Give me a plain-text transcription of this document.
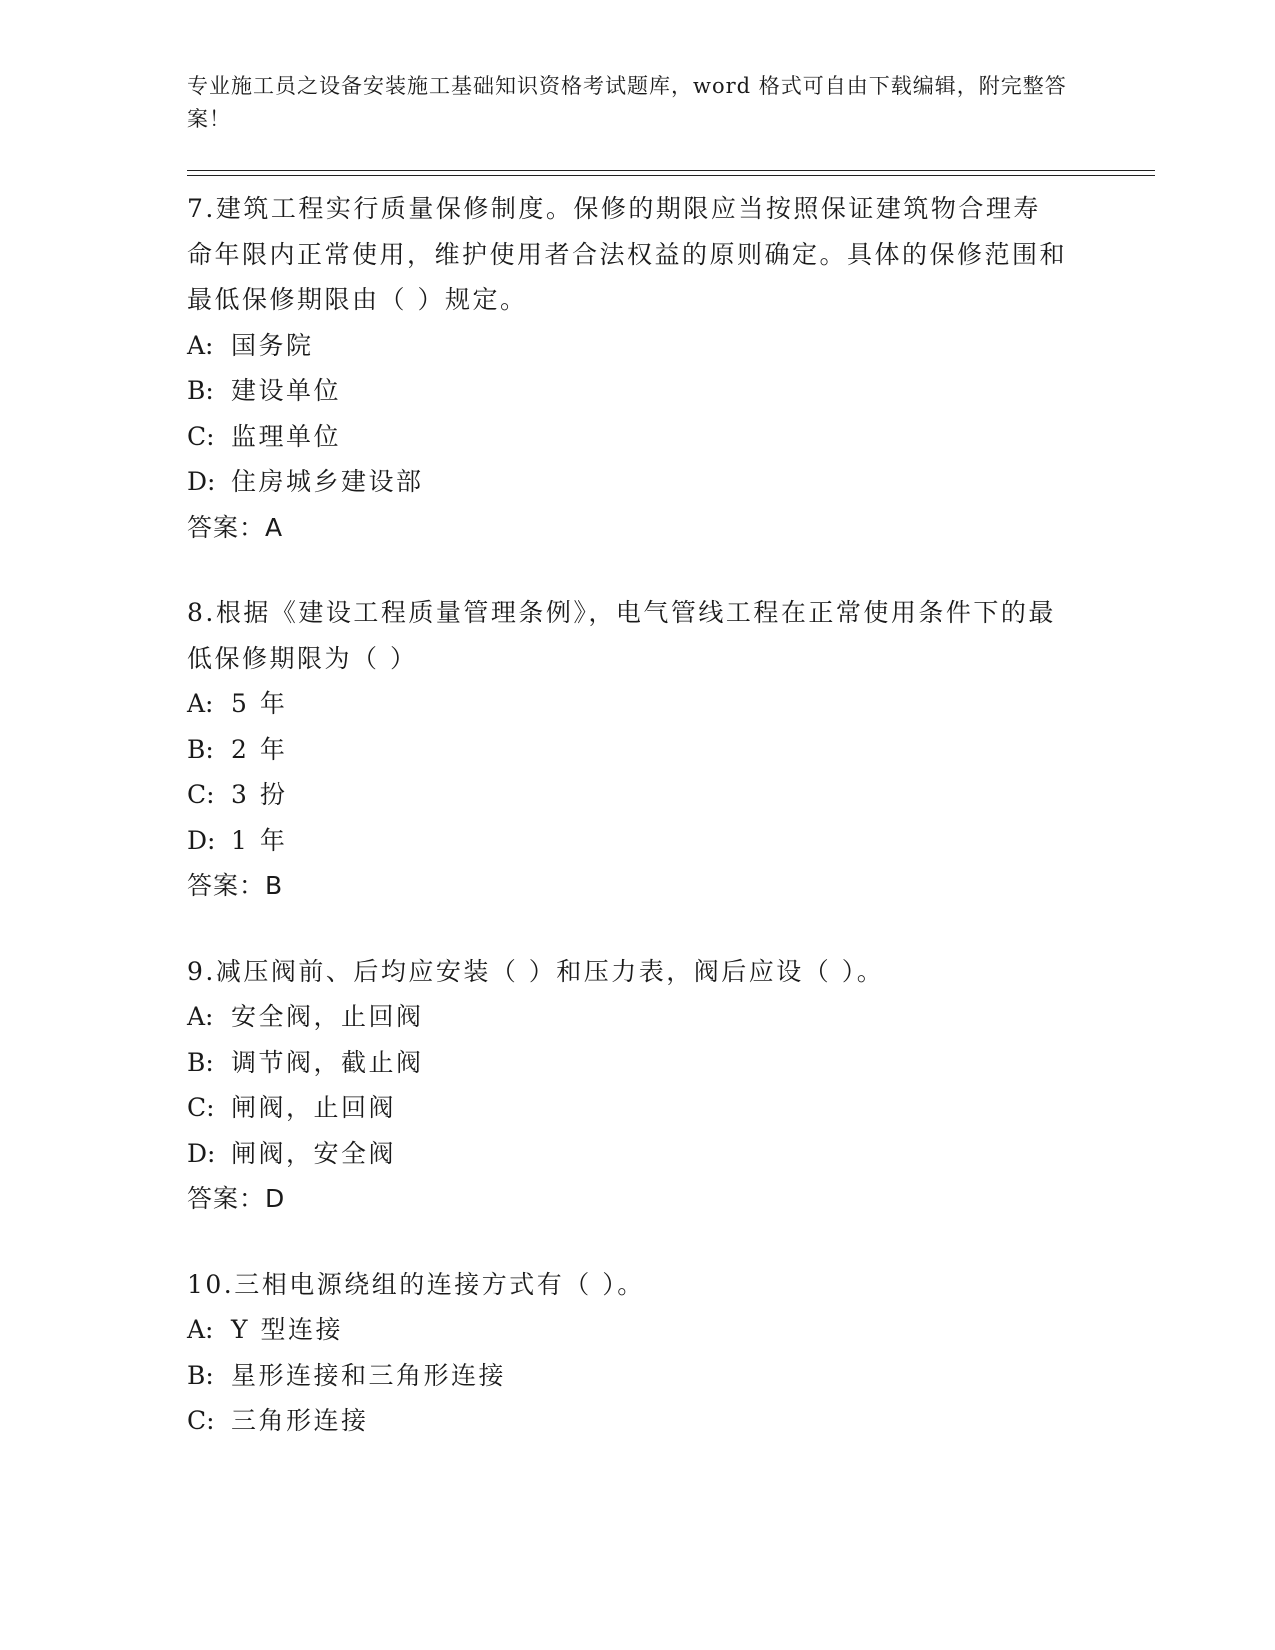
专业施工员之设备安装施工基础知识资格考试题库，word 格式可自由下载编辑，附完整答案！

7.建筑工程实行质量保修制度。保修的期限应当按照保证建筑物合理寿命年限内正常使用，维护使用者合法权益的原则确定。具体的保修范围和最低保修期限由（ ）规定。

A: 国务院

B: 建设单位

C: 监理单位

D: 住房城乡建设部

答案：A

8.根据《建设工程质量管理条例》，电气管线工程在正常使用条件下的最低保修期限为（ ）

A: 5 年

B: 2 年

C: 3 扮

D: 1 年

答案：B

9.减压阀前、后均应安装（ ）和压力表，阀后应设（ ）。

A: 安全阀，止回阀

B: 调节阀，截止阀

C: 闸阀，止回阀

D: 闸阀，安全阀

答案：D

10.三相电源绕组的连接方式有（ ）。

A: Y 型连接

B: 星形连接和三角形连接

C: 三角形连接
